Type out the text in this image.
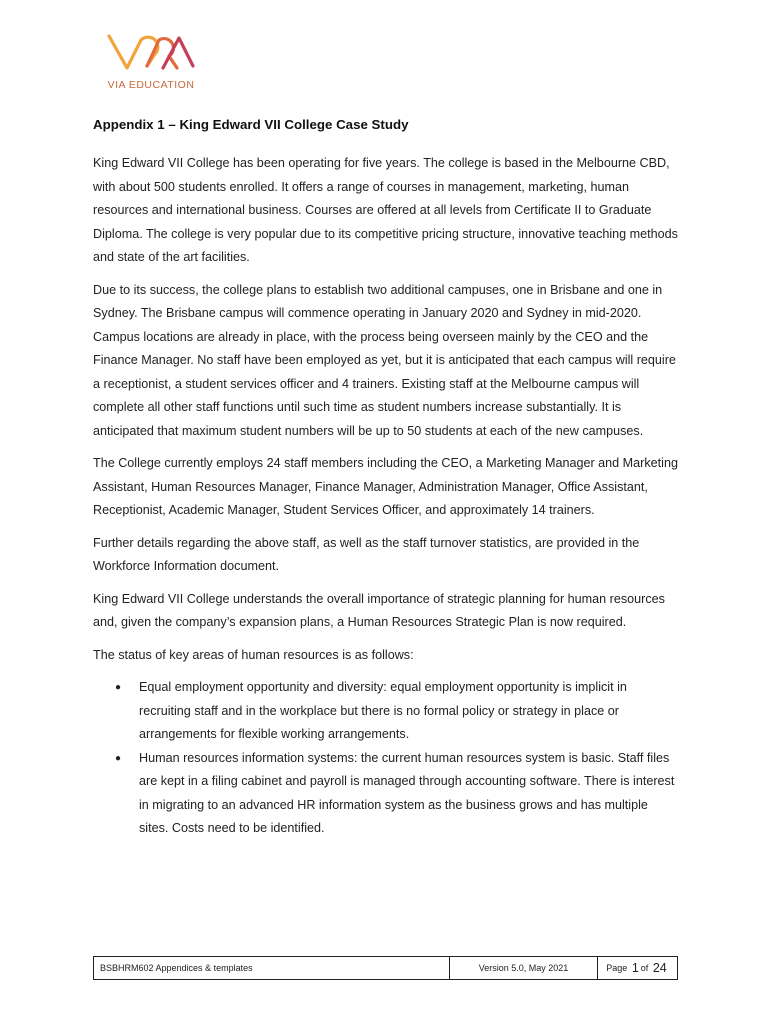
VIA EDUCATION
Appendix 1 – King Edward VII College Case Study

King Edward VII College has been operating for five years. The college is based in the Melbourne CBD, with about 500 students enrolled. It offers a range of courses in management, marketing, human resources and international business. Courses are offered at all levels from Certificate II to Graduate Diploma. The college is very popular due to its competitive pricing structure, innovative teaching methods and state of the art facilities.

Due to its success, the college plans to establish two additional campuses, one in Brisbane and one in Sydney. The Brisbane campus will commence operating in January 2020 and Sydney in mid-2020. Campus locations are already in place, with the process being overseen mainly by the CEO and the Finance Manager. No staff have been employed as yet, but it is anticipated that each campus will require a receptionist, a student services officer and 4 trainers. Existing staff at the Melbourne campus will complete all other staff functions until such time as student numbers increase substantially. It is anticipated that maximum student numbers will be up to 50 students at each of the new campuses.

The College currently employs 24 staff members including the CEO, a Marketing Manager and Marketing Assistant, Human Resources Manager, Finance Manager, Administration Manager, Office Assistant, Receptionist, Academic Manager, Student Services Officer, and approximately 14 trainers.

Further details regarding the above staff, as well as the staff turnover statistics, are provided in the Workforce Information document.

King Edward VII College understands the overall importance of strategic planning for human resources and, given the company’s expansion plans, a Human Resources Strategic Plan is now required.

The status of key areas of human resources is as follows:

● Equal employment opportunity and diversity: equal employment opportunity is implicit in recruiting staff and in the workplace but there is no formal policy or strategy in place or arrangements for flexible working arrangements.
● Human resources information systems: the current human resources system is basic. Staff files are kept in a filing cabinet and payroll is managed through accounting software. There is interest in migrating to an advanced HR information system as the business grows and has multiple sites. Costs need to be identified.
BSBHRM602 Appendices & templates	Version 5.0, May 2021	Page
1 of
24
